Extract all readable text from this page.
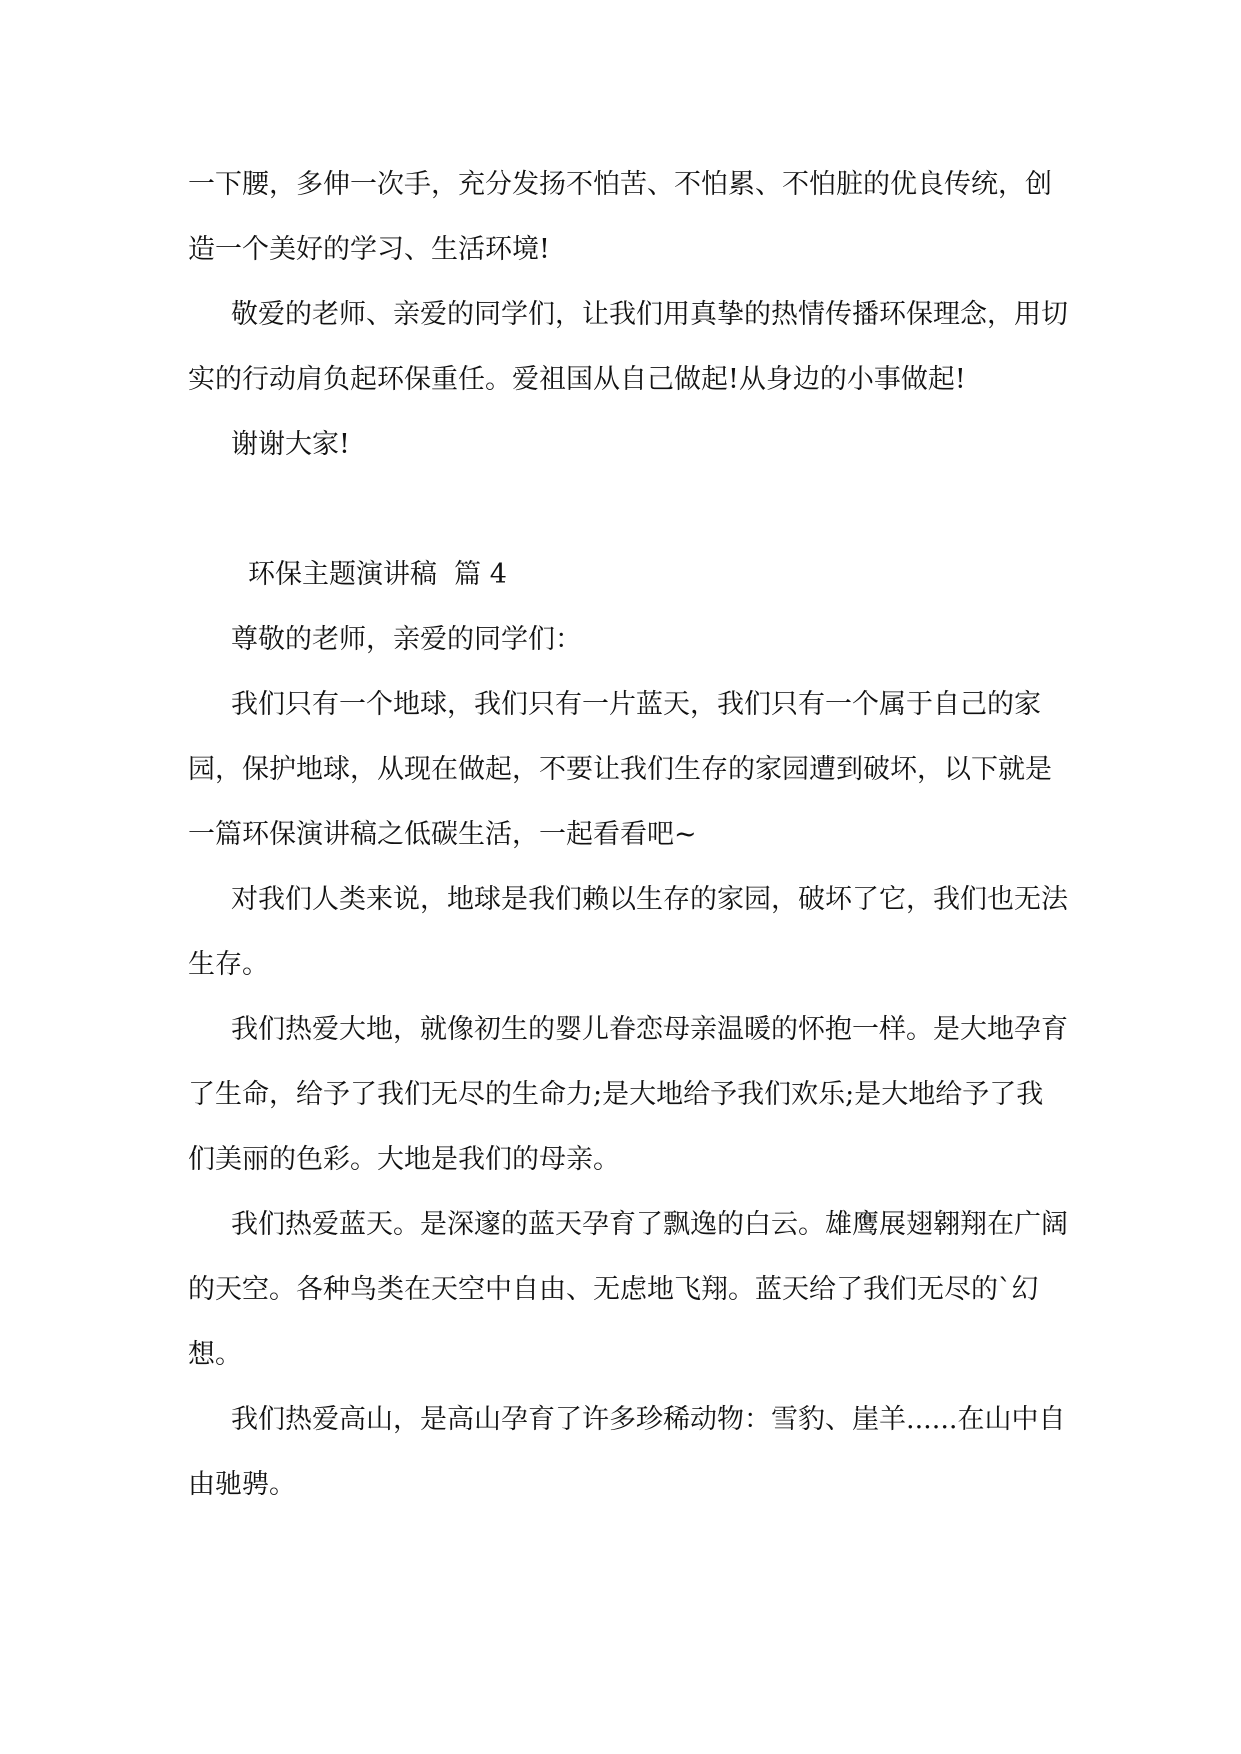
一下腰，多伸一次手，充分发扬不怕苦、不怕累、不怕脏的优良传统，创造一个美好的学习、生活环境!

敬爱的老师、亲爱的同学们，让我们用真挚的热情传播环保理念，用切实的行动肩负起环保重任。爱祖国从自己做起!从身边的小事做起!

谢谢大家!

环保主题演讲稿  篇 4

尊敬的老师，亲爱的同学们：

我们只有一个地球，我们只有一片蓝天，我们只有一个属于自己的家园，保护地球，从现在做起，不要让我们生存的家园遭到破坏，以下就是一篇环保演讲稿之低碳生活，一起看看吧~

对我们人类来说，地球是我们赖以生存的家园，破坏了它，我们也无法生存。

我们热爱大地，就像初生的婴儿眷恋母亲温暖的怀抱一样。是大地孕育了生命，给予了我们无尽的生命力;是大地给予我们欢乐;是大地给予了我们美丽的色彩。大地是我们的母亲。

我们热爱蓝天。是深邃的蓝天孕育了飘逸的白云。雄鹰展翅翱翔在广阔的天空。各种鸟类在天空中自由、无虑地飞翔。蓝天给了我们无尽的`幻想。

我们热爱高山，是高山孕育了许多珍稀动物：雪豹、崖羊......在山中自由驰骋。
